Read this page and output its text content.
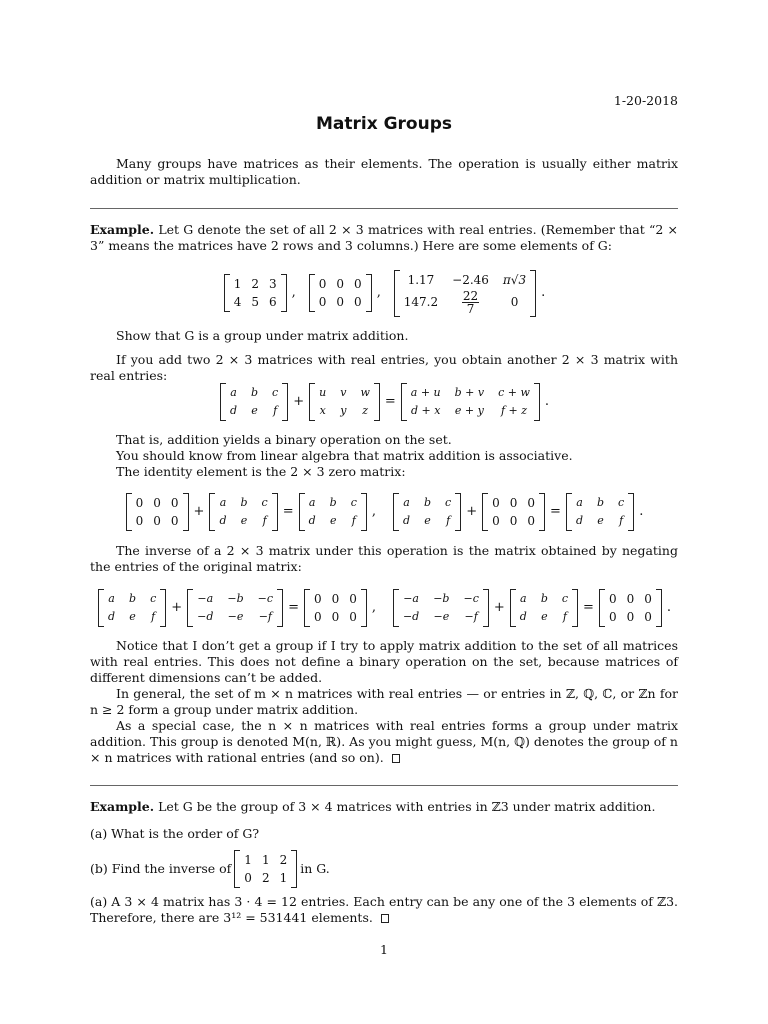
1-20-2018
Matrix Groups
Many groups have matrices as their elements. The operation is usually either matrix addition or matrix multiplication.
Example. Let G denote the set of all 2 × 3 matrices with real entries. (Remember that “2 × 3” means the matrices have 2 rows and 3 columns.) Here are some elements of G:
1 2 3
4 5 6
,

0 0 0
0 0 0
,

1.17 −2.46 π√3
$147.2 \frac{22}{7}$	0
.
Show that G is a group under matrix addition.
If you add two 2 × 3 matrices with real entries, you obtain another 2 × 3 matrix with real entries:
a b c
d e f
+
u v w
x y z
=
a + u b + v c + w
d + x e + y f + z
.
That is, addition yields a binary operation on the set.
You should know from linear algebra that matrix addition is associative.
The identity element is the 2 × 3 zero matrix:
0 0 0
0 0 0
+
a b c
d e f
=
a b c
d e f
,

a b c
d e f
+
0 0 0
0 0 0
=
a b c
d e f
.
The inverse of a 2 × 3 matrix under this operation is the matrix obtained by negating the entries of the original matrix:
a b c
d e f
+
−a −b −c
−d −e −f
=
0 0 0
0 0 0
,

−a −b −c
−d −e −f
+
a b c
d e f
=
0 0 0
0 0 0
.
Notice that I don’t get a group if I try to apply matrix addition to the set of all matrices with real entries. This does not define a binary operation on the set, because matrices of different dimensions can’t be added.
In general, the set of m × n matrices with real entries — or entries in ℤ, ℚ, ℂ, or ℤn for n ≥ 2 form a group under matrix addition.
As a special case, the n × n matrices with real entries forms a group under matrix addition. This group is denoted M(n, ℝ). As you might guess, M(n, ℚ) denotes the group of n × n matrices with rational entries (and so on).
Example. Let G be the group of 3 × 4 matrices with entries in ℤ3 under matrix addition.
(a) What is the order of G?
(b) Find the inverse of
1 1 2
0 2 1
in G.
(a) A 3 × 4 matrix has 3 · 4 = 12 entries. Each entry can be any one of the 3 elements of ℤ3. Therefore, there are 3¹² = 531441 elements.
1
